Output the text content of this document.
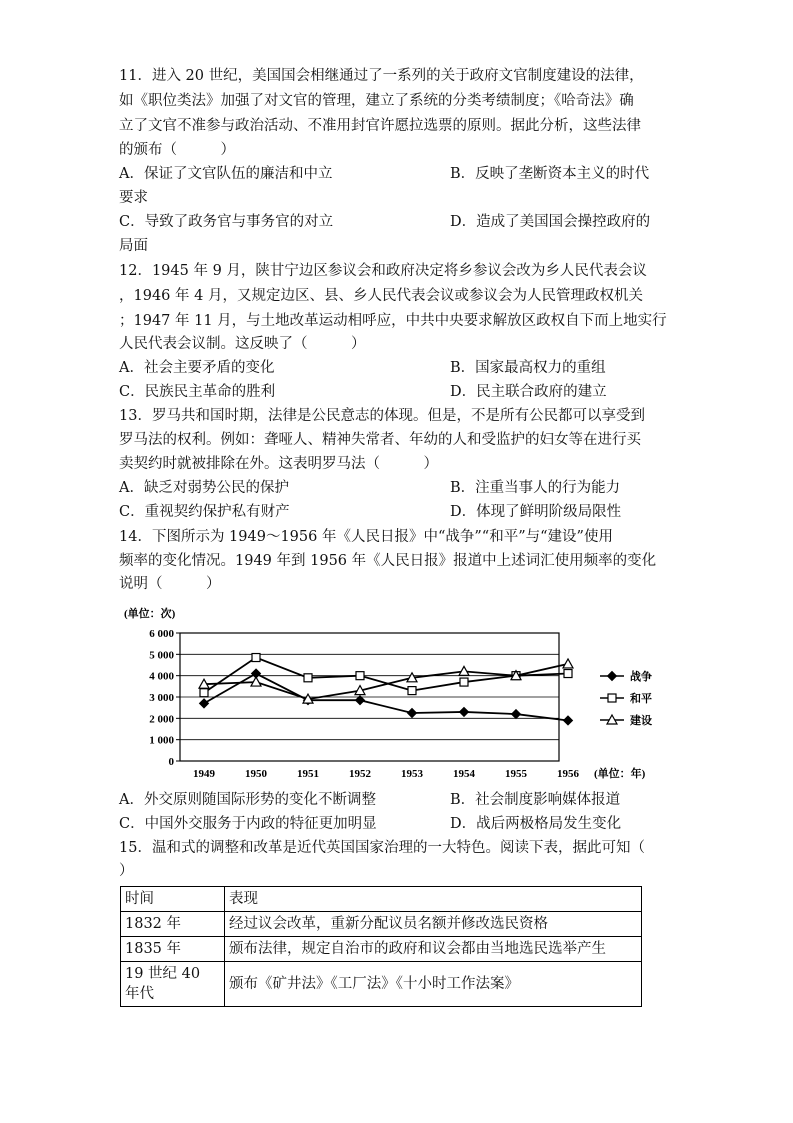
11．进入 20 世纪，美国国会相继通过了一系列的关于政府文官制度建设的法律，
如《职位类法》加强了对文官的管理，建立了系统的分类考绩制度；《哈奇法》确
立了文官不准参与政治活动、不准用封官许愿拉选票的原则。据此分析，这些法律
的颁布（　　　）
A．保证了文官队伍的廉洁和中立	B．反映了垄断资本主义的时代
要求
C．导致了政务官与事务官的对立	D．造成了美国国会操控政府的
局面
12．1945 年 9 月，陕甘宁边区参议会和政府决定将乡参议会改为乡人民代表会议
，1946 年 4 月，又规定边区、县、乡人民代表会议或参议会为人民管理政权机关
；1947 年 11 月，与土地改革运动相呼应，中共中央要求解放区政权自下而上地实行
人民代表会议制。这反映了（　　　）
A．社会主要矛盾的变化	B．国家最高权力的重组
C．民族民主革命的胜利	D．民主联合政府的建立
13．罗马共和国时期，法律是公民意志的体现。但是，不是所有公民都可以享受到
罗马法的权利。例如：聋哑人、精神失常者、年幼的人和受监护的妇女等在进行买
卖契约时就被排除在外。这表明罗马法（　　　）
A．缺乏对弱势公民的保护	B．注重当事人的行为能力
C．重视契约保护私有财产	D．体现了鲜明阶级局限性
14．下图所示为 1949～1956 年《人民日报》中“战争”“和平”与“建设”使用
频率的变化情况。1949 年到 1956 年《人民日报》报道中上述词汇使用频率的变化
说明（　　　）
(单位：次)
0
1 000
2 000
3 000
4 000
5 000
6 000
1949	1950	1951	1952	1953	1954	1955	1956
战争
和平
建设
(单位：年)
A．外交原则随国际形势的变化不断调整	B．社会制度影响媒体报道
C．中国外交服务于内政的特征更加明显	D．战后两极格局发生变化
15．温和式的调整和改革是近代英国国家治理的一大特色。阅读下表，据此可知（
）
时间	表现
1832 年	经过议会改革，重新分配议员名额并修改选民资格
1835 年	颁布法律，规定自治市的政府和议会都由当地选民选举产生
19 世纪 40
年代	颁布《矿井法》《工厂法》《十小时工作法案》
